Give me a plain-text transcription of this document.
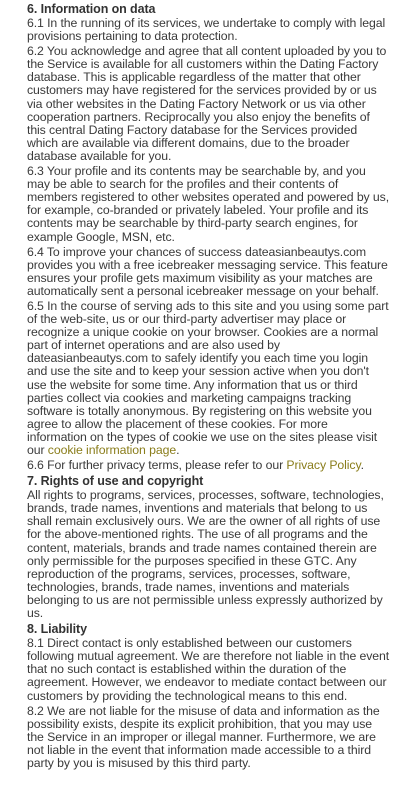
6. Information on data

6.1 In the running of its services, we undertake to comply with legal provisions pertaining to data protection.

6.2 You acknowledge and agree that all content uploaded by you to the Service is available for all customers within the Dating Factory database. This is applicable regardless of the matter that other customers may have registered for the services provided by or us via other websites in the Dating Factory Network or us via other cooperation partners. Reciprocally you also enjoy the benefits of this central Dating Factory database for the Services provided which are available via different domains, due to the broader database available for you.

6.3 Your profile and its contents may be searchable by, and you may be able to search for the profiles and their contents of members registered to other websites operated and powered by us, for example, co-branded or privately labeled. Your profile and its contents may be searchable by third-party search engines, for example Google, MSN, etc.

6.4 To improve your chances of success dateasianbeautys.com provides you with a free icebreaker messaging service. This feature ensures your profile gets maximum visibility as your matches are automatically sent a personal icebreaker message on your behalf.

6.5 In the course of serving ads to this site and you using some part of the web-site, us or our third-party advertiser may place or recognize a unique cookie on your browser. Cookies are a normal part of internet operations and are also used by dateasianbeautys.com to safely identify you each time you login and use the site and to keep your session active when you don't use the website for some time. Any information that us or third parties collect via cookies and marketing campaigns tracking software is totally anonymous. By registering on this website you agree to allow the placement of these cookies. For more information on the types of cookie we use on the sites please visit our cookie information page.

6.6 For further privacy terms, please refer to our Privacy Policy.

7. Rights of use and copyright

All rights to programs, services, processes, software, technologies, brands, trade names, inventions and materials that belong to us shall remain exclusively ours. We are the owner of all rights of use for the above-mentioned rights. The use of all programs and the content, materials, brands and trade names contained therein are only permissible for the purposes specified in these GTC. Any reproduction of the programs, services, processes, software, technologies, brands, trade names, inventions and materials belonging to us are not permissible unless expressly authorized by us.

8. Liability

8.1 Direct contact is only established between our customers following mutual agreement. We are therefore not liable in the event that no such contact is established within the duration of the agreement. However, we endeavor to mediate contact between our customers by providing the technological means to this end.

8.2 We are not liable for the misuse of data and information as the possibility exists, despite its explicit prohibition, that you may use the Service in an improper or illegal manner. Furthermore, we are not liable in the event that information made accessible to a third party by you is misused by this third party.
